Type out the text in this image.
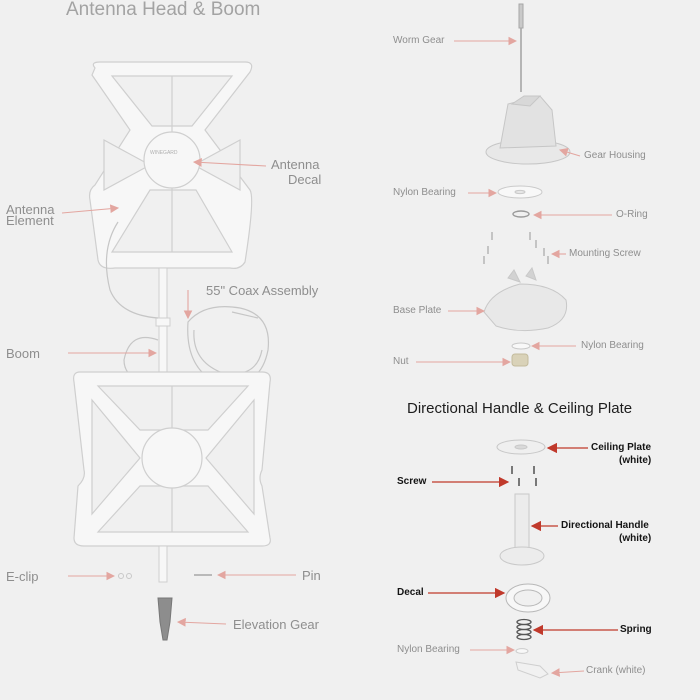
WINEGARD
Antenna Head & Boom
Antenna
Decal
Antenna
Element
55" Coax Assembly
Boom
E-clip	Pin
Elevation Gear
Worm Gear
Gear Housing
Nylon Bearing
O-Ring
Mounting Screw
Base Plate
Nylon Bearing
Nut
Directional Handle & Ceiling Plate
Ceiling Plate
(white)
Screw
Directional Handle
(white)
Decal
Spring
Nylon Bearing
Crank (white)
